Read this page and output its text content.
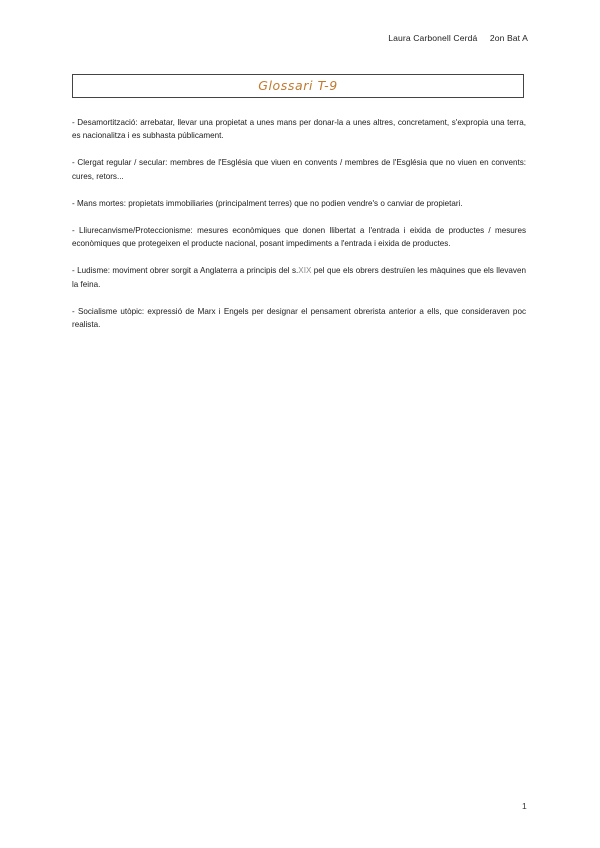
Laura Carbonell Cerdá 2on Bat A
Glossari T-9

- Desamortització: arrebatar, llevar una propietat a unes mans per donar-la a unes altres, concretament, s'expropia una terra, es nacionalitza i es subhasta públicament.

- Clergat regular / secular: membres de l'Església que viuen en convents / membres de l'Església que no viuen en convents: cures, retors...

- Mans mortes: propietats immobiliaries (principalment terres) que no podien vendre's o canviar de propietari.

- Lliurecanvisme/Proteccionisme: mesures econòmiques que donen llibertat a l'entrada i eixida de productes / mesures econòmiques que protegeixen el producte nacional, posant impediments a l'entrada i eixida de productes.

- Ludisme: moviment obrer sorgit a Anglaterra a principis del s.XIX pel que els obrers destruïen les màquines que els llevaven la feina.

- Socialisme utòpic: expressió de Marx i Engels per designar el pensament obrerista anterior a ells, que consideraven poc realista.

1
